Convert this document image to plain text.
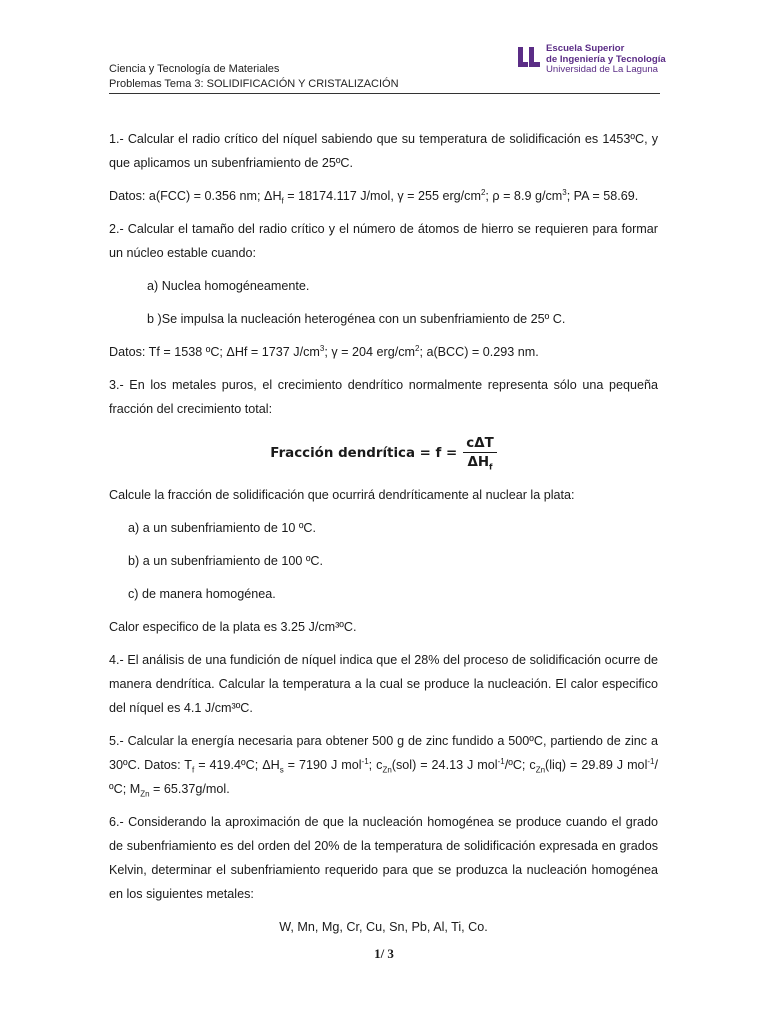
Ciencia y Tecnología de Materiales
Problemas Tema 3: SOLIDIFICACIÓN Y CRISTALIZACIÓN
Escuela Superior
de Ingeniería y Tecnología
Universidad de La Laguna

1.- Calcular el radio crítico del níquel sabiendo que su temperatura de solidificación es 1453ºC, y que aplicamos un subenfriamiento de 25ºC.

Datos: a(FCC) = 0.356 nm; $\Delta H_f = 18174.117$ J/mol, γ = 255 erg/$cm^2$; ρ = 8.9 $g/cm^3$; PA = 58.69.

2.- Calcular el tamaño del radio crítico y el número de átomos de hierro se requieren para formar un núcleo estable cuando:

a) Nuclea homogéneamente.

b )Se impulsa la nucleación heterogénea con un subenfriamiento de 25º C.

Datos: Tf = 1538 ºC; ΔHf = 1737 $J/cm^3$; γ = 204 erg/$cm^2$; a(BCC) = 0.293 nm.

3.- En los metales puros, el crecimiento dendrítico normalmente representa sólo una pequeña fracción del crecimiento total:

Fracción dendrítica = $f = \frac{\text{cΔT}}{\Delta H_f}$

Calcule la fracción de solidificación que ocurrirá dendríticamente al nuclear la plata:

a) a un subenfriamiento de 10 ºC.

b) a un subenfriamiento de 100 ºC.

c) de manera homogénea.

Calor especifico de la plata es 3.25 J/cm³ºC.

4.- El análisis de una fundición de níquel indica que el 28% del proceso de solidificación ocurre de manera dendrítica. Calcular la temperatura a la cual se produce la nucleación. El calor especifico del níquel es 4.1 J/cm³ºC.

5.- Calcular la energía necesaria para obtener 500 g de zinc fundido a 500ºC, partiendo de zinc a 30ºC. Datos: $T_f$ = 419.4ºC; $\Delta H_s = 7190$ J mol$^{-1}$; $c_{Zn}(sol) = 24.13$ J mol$^{-1}$/ºC; $c_{Zn}(liq) = 29.89$ J mol$^{-1}$/ºC; $M_{Zn} = 65.37g/mol$.

6.- Considerando la aproximación de que la nucleación homogénea se produce cuando el grado de subenfriamiento es del orden del 20% de la temperatura de solidificación expresada en grados Kelvin, determinar el subenfriamiento requerido para que se produzca la nucleación homogénea en los siguientes metales:

W, Mn, Mg, Cr, Cu, Sn, Pb, Al, Ti, Co.

1/ 3
